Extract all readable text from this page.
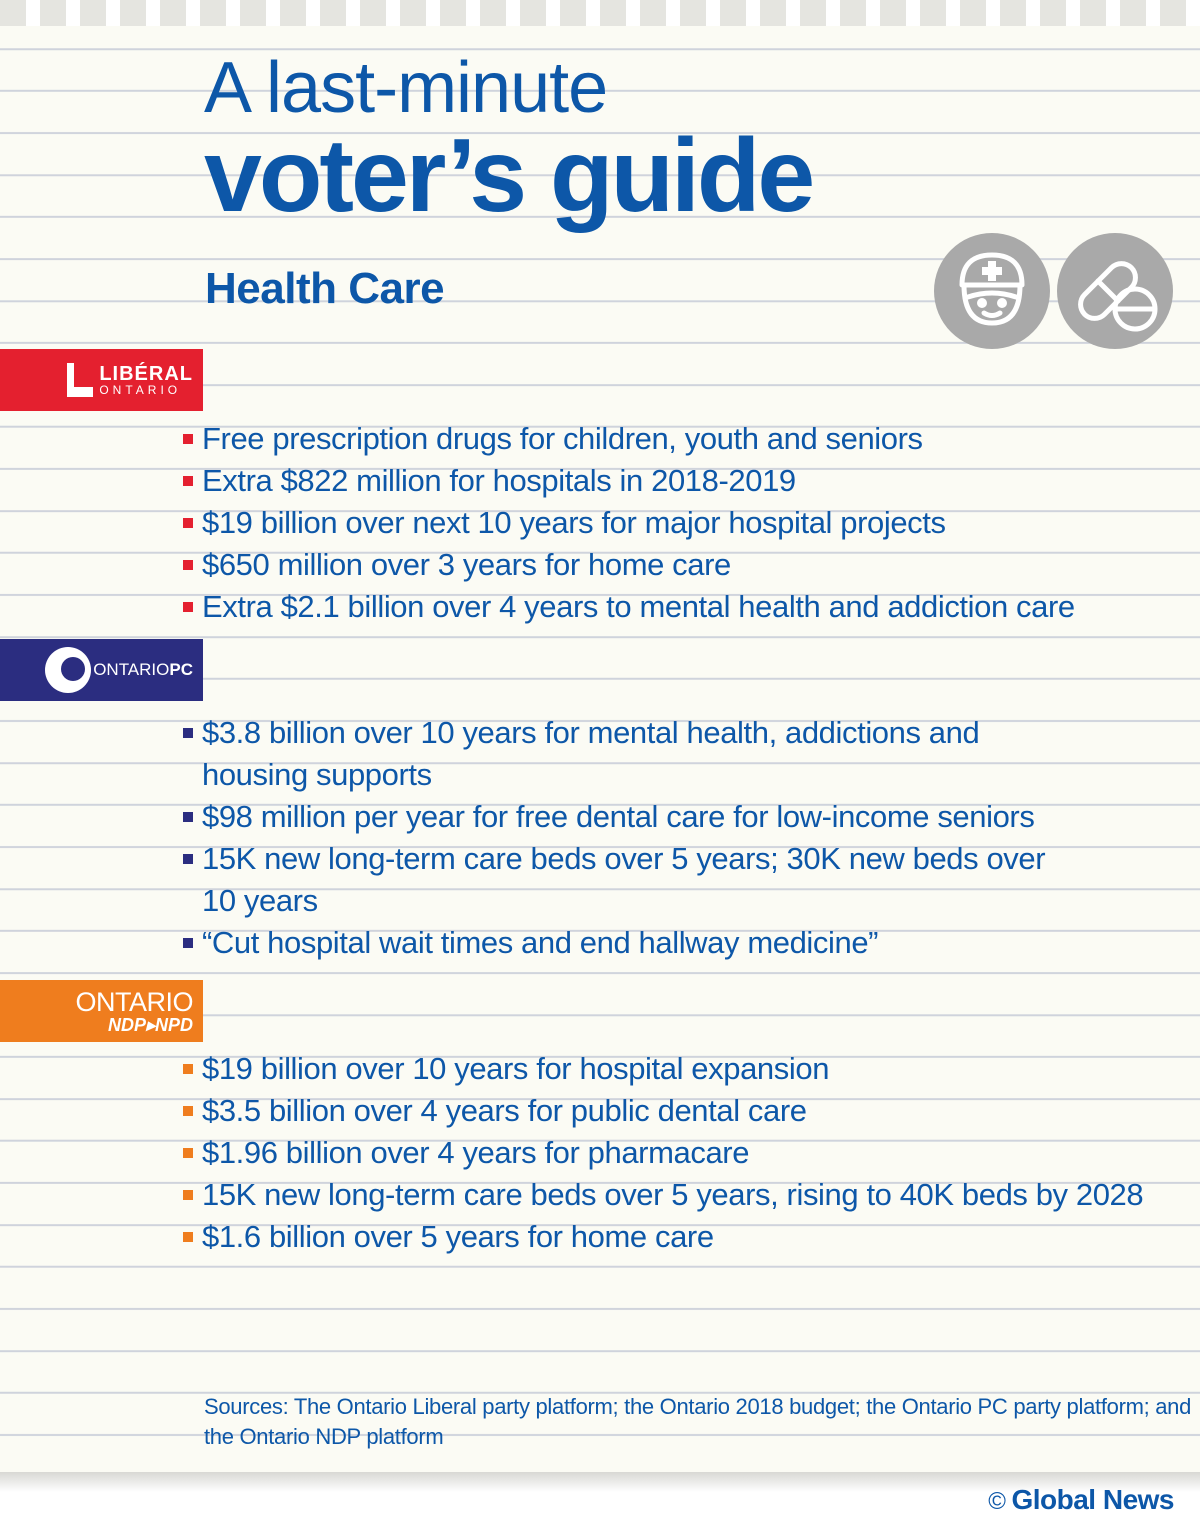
A last-minute
voter’s guide
Health Care
LIBÉRAL
ONTARIO
Free prescription drugs for children, youth and seniors
Extra $822 million for hospitals in 2018-2019
$19 billion over next 10 years for major hospital projects
$650 million over 3 years for home care
Extra $2.1 billion over 4 years to mental health and addiction care
ONTARIO PC
$3.8 billion over 10 years for mental health, addictions and housing supports
$98 million per year for free dental care for low-income seniors
15K new long-term care beds over 5 years; 30K new beds over 10 years
“Cut hospital wait times and end hallway medicine”
ONTARIO
NDP▸NPD
$19 billion over 10 years for hospital expansion
$3.5 billion over 4 years for public dental care
$1.96 billion over 4 years for pharmacare
15K new long-term care beds over 5 years, rising to 40K beds by 2028
$1.6 billion over 5 years for home care

Sources: The Ontario Liberal party platform; the Ontario 2018 budget; the Ontario PC party platform; and the Ontario NDP platform

© Global News
